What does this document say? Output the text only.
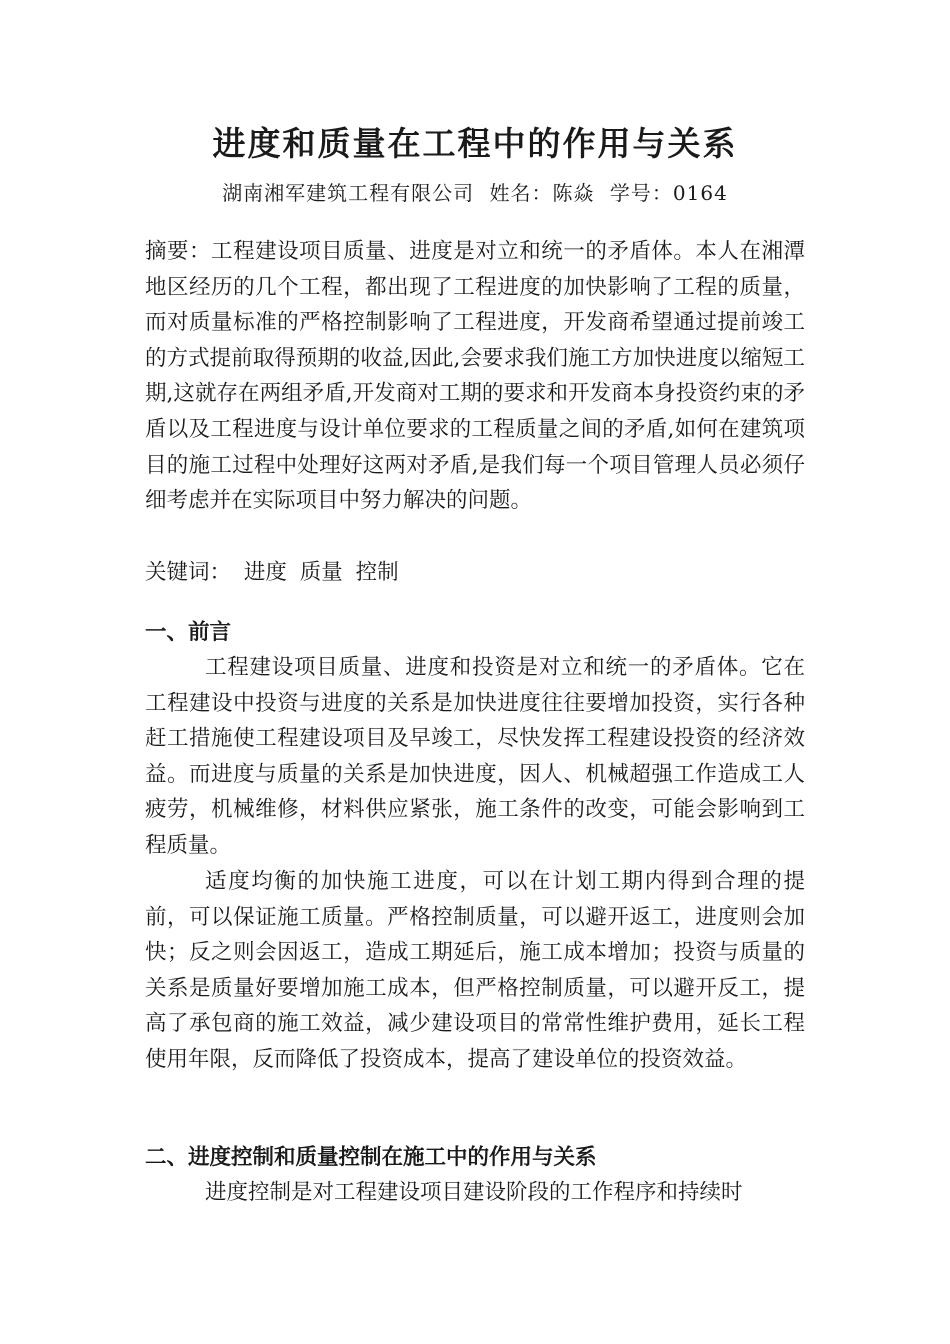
进度和质量在工程中的作用与关系
湖南湘军建筑工程有限公司 姓名：陈焱 学号：0164

摘要：工程建设项目质量、进度是对立和统一的矛盾体。本人在湘潭地区经历的几个工程，都出现了工程进度的加快影响了工程的质量，而对质量标准的严格控制影响了工程进度，开发商希望通过提前竣工的方式提前取得预期的收益,因此,会要求我们施工方加快进度以缩短工期,这就存在两组矛盾,开发商对工期的要求和开发商本身投资约束的矛盾以及工程进度与设计单位要求的工程质量之间的矛盾,如何在建筑项目的施工过程中处理好这两对矛盾,是我们每一个项目管理人员必须仔细考虑并在实际项目中努力解决的问题。

关键词： 进度 质量 控制
一、前言

工程建设项目质量、进度和投资是对立和统一的矛盾体。它在工程建设中投资与进度的关系是加快进度往往要增加投资，实行各种赶工措施使工程建设项目及早竣工，尽快发挥工程建设投资的经济效益。而进度与质量的关系是加快进度，因人、机械超强工作造成工人疲劳，机械维修，材料供应紧张，施工条件的改变，可能会影响到工程质量。

适度均衡的加快施工进度，可以在计划工期内得到合理的提前，可以保证施工质量。严格控制质量，可以避开返工，进度则会加快；反之则会因返工，造成工期延后，施工成本增加；投资与质量的关系是质量好要增加施工成本，但严格控制质量，可以避开反工，提高了承包商的施工效益，减少建设项目的常常性维护费用，延长工程使用年限，反而降低了投资成本，提高了建设单位的投资效益。

二、进度控制和质量控制在施工中的作用与关系

进度控制是对工程建设项目建设阶段的工作程序和持续时
